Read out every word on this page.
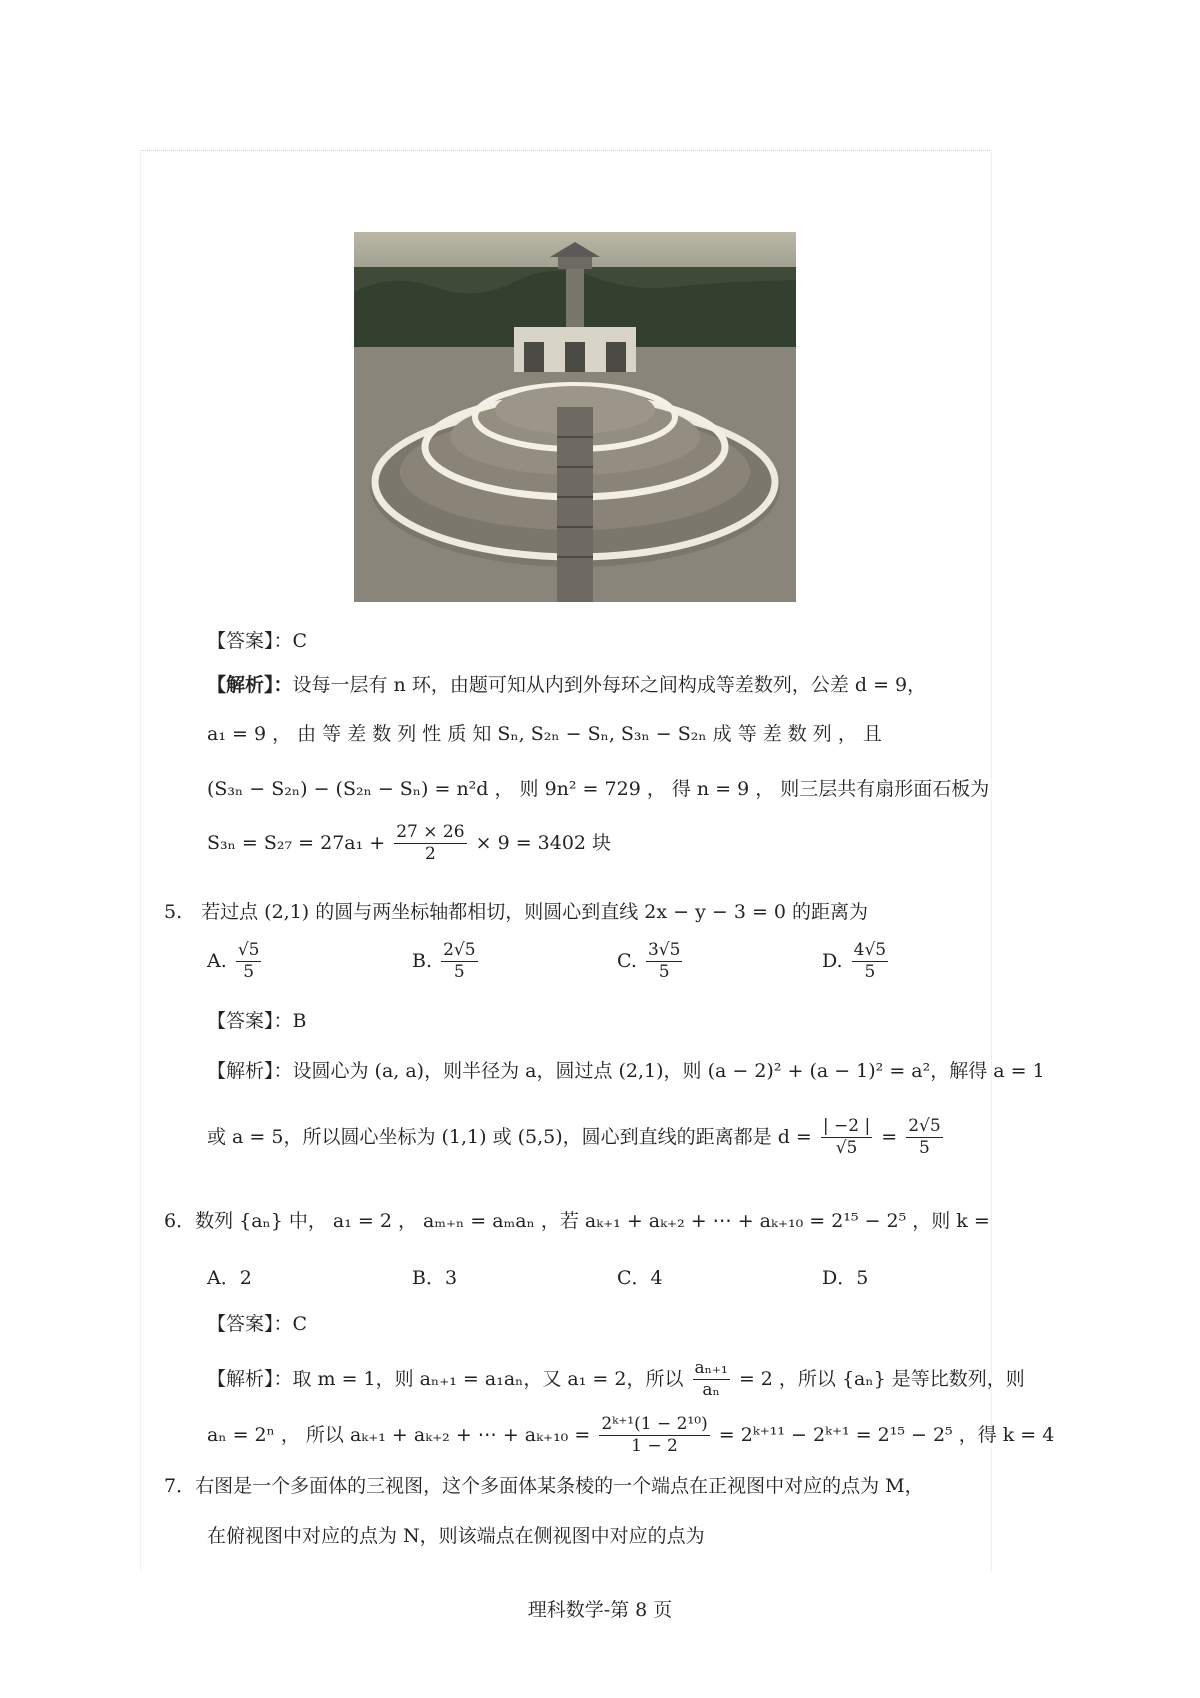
【答案】：C
【解析】：设每一层有 n 环，由题可知从内到外每环之间构成等差数列，公差 d = 9，
a₁ = 9 ， 由 等 差 数 列 性 质 知 Sₙ, S₂ₙ − Sₙ, S₃ₙ − S₂ₙ 成 等 差 数 列 ， 且
(S₃ₙ − S₂ₙ) − (S₂ₙ − Sₙ) = n²d ， 则 9n² = 729 ， 得 n = 9 ， 则三层共有扇形面石板为
$S_{3n} = S_{27} = 27a_1 + \frac{27 \times 26}{2} \times 9 = 3402$ 块
5.　若过点 (2,1) 的圆与两坐标轴都相切，则圆心到直线 2x − y − 3 = 0 的距离为
A. $\frac{√5}{5}$	B. $\frac{2√5}{5}$	C. $\frac{3√5}{5}$	D. $\frac{4√5}{5}$
【答案】：B
【解析】：设圆心为 (a, a)，则半径为 a，圆过点 (2,1)，则 (a − 2)² + (a − 1)² = a²，解得 a = 1
或 a = 5，所以圆心坐标为 (1,1) 或 (5,5)，圆心到直线的距离都是 $d = \frac{| -2 |}{√5} = \frac{2√5}{5}$
6．数列 {aₙ} 中， a₁ = 2 ， aₘ₊ₙ = aₘaₙ ，若 aₖ₊₁ + aₖ₊₂ + ⋯ + aₖ₊₁₀ = 2¹⁵ − 2⁵ ，则 k =
A．2	B．3	C．4	D．5
【答案】：C
【解析】：取 m = 1，则 aₙ₊₁ = a₁aₙ，又 a₁ = 2，所以 $\frac{\text{aₙ₊₁}}{\text{aₙ}} = 2$ ，所以 {aₙ} 是等比数列，则
aₙ = 2ⁿ ， 所以 aₖ₊₁ + aₖ₊₂ + ⋯ + $a_{k+10} = \frac{\text{2ᵏ⁺¹(1 − 2¹⁰)}}{1 - 2}$ = 2ᵏ⁺¹¹ − 2ᵏ⁺¹ = 2¹⁵ − 2⁵ ，得 k = 4
7．右图是一个多面体的三视图，这个多面体某条棱的一个端点在正视图中对应的点为 M，
在俯视图中对应的点为 N，则该端点在侧视图中对应的点为
理科数学-第 8 页
